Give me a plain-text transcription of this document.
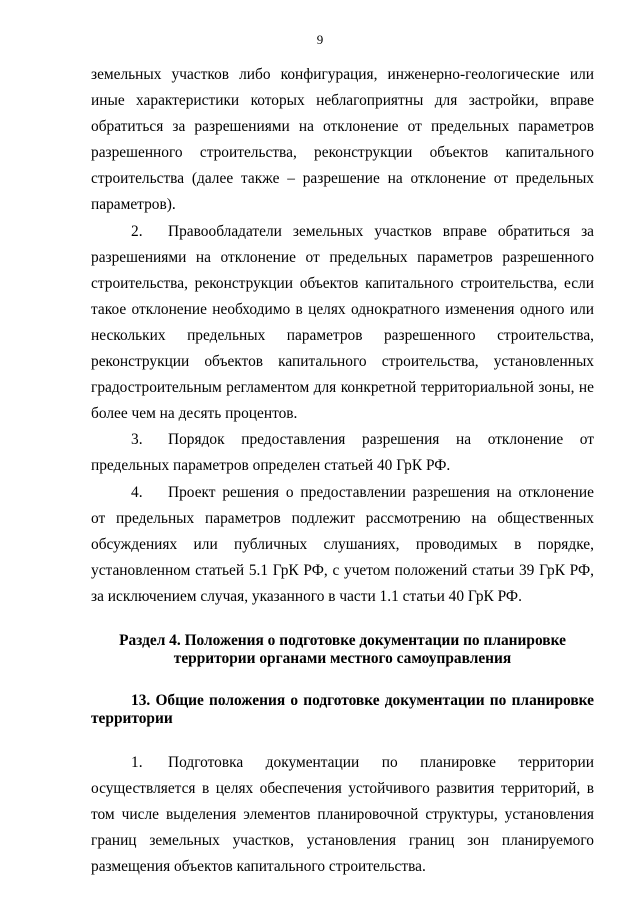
9

земельных участков либо конфигурация, инженерно-геологические или иные характеристики которых неблагоприятны для застройки, вправе обратиться за разрешениями на отклонение от предельных параметров разрешенного строительства, реконструкции объектов капитального строительства (далее также – разрешение на отклонение от предельных параметров).

2. Правообладатели земельных участков вправе обратиться за разрешениями на отклонение от предельных параметров разрешенного строительства, реконструкции объектов капитального строительства, если такое отклонение необходимо в целях однократного изменения одного или нескольких предельных параметров разрешенного строительства, реконструкции объектов капитального строительства, установленных градостроительным регламентом для конкретной территориальной зоны, не более чем на десять процентов.

3. Порядок предоставления разрешения на отклонение от предельных параметров определен статьей 40 ГрК РФ.

4. Проект решения о предоставлении разрешения на отклонение от предельных параметров подлежит рассмотрению на общественных обсуждениях или публичных слушаниях, проводимых в порядке, установленном статьей 5.1 ГрК РФ, с учетом положений статьи 39 ГрК РФ, за исключением случая, указанного в части 1.1 статьи 40 ГрК РФ.

Раздел 4. Положения о подготовке документации по планировке
территории органами местного самоуправления

13. Общие положения о подготовке документации по планировке территории

1. Подготовка документации по планировке территории осуществляется в целях обеспечения устойчивого развития территорий, в том числе выделения элементов планировочной структуры, установления границ земельных участков, установления границ зон планируемого размещения объектов капитального строительства.
